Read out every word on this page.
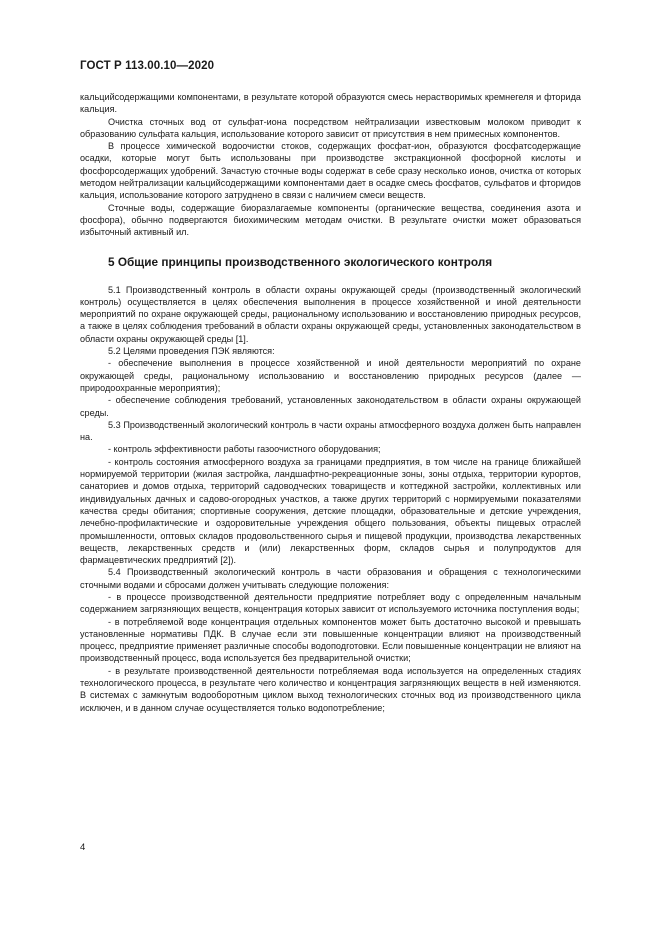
ГОСТ Р 113.00.10—2020

кальцийсодержащими компонентами, в результате которой образуются смесь нерастворимых кремнегеля и фторида кальция.

Очистка сточных вод от сульфат-иона посредством нейтрализации известковым молоком приводит к образованию сульфата кальция, использование которого зависит от присутствия в нем примесных компонентов.

В процессе химической водоочистки стоков, содержащих фосфат-ион, образуются фосфатсодержащие осадки, которые могут быть использованы при производстве экстракционной фосфорной кислоты и фосфорсодержащих удобрений. Зачастую сточные воды содержат в себе сразу несколько ионов, очистка от которых методом нейтрализации кальцийсодержащими компонентами дает в осадке смесь фосфатов, сульфатов и фторидов кальция, использование которого затруднено в связи с наличием смеси веществ.

Сточные воды, содержащие биоразлагаемые компоненты (органические вещества, соединения азота и фосфора), обычно подвергаются биохимическим методам очистки. В результате очистки может образоваться избыточный активный ил.

5 Общие принципы производственного экологического контроля

5.1 Производственный контроль в области охраны окружающей среды (производственный экологический контроль) осуществляется в целях обеспечения выполнения в процессе хозяйственной и иной деятельности мероприятий по охране окружающей среды, рациональному использованию и восстановлению природных ресурсов, а также в целях соблюдения требований в области охраны окружающей среды, установленных законодательством в области охраны окружающей среды [1].

5.2 Целями проведения ПЭК являются:

- обеспечение выполнения в процессе хозяйственной и иной деятельности мероприятий по охране окружающей среды, рациональному использованию и восстановлению природных ресурсов (далее — природоохранные мероприятия);

- обеспечение соблюдения требований, установленных законодательством в области охраны окружающей среды.

5.3 Производственный экологический контроль в части охраны атмосферного воздуха должен быть направлен на.

- контроль эффективности работы газоочистного оборудования;

- контроль состояния атмосферного воздуха за границами предприятия, в том числе на границе ближайшей нормируемой территории (жилая застройка, ландшафтно-рекреационные зоны, зоны отдыха, территории курортов, санаториев и домов отдыха, территорий садоводческих товариществ и коттеджной застройки, коллективных или индивидуальных дачных и садово-огородных участков, а также других территорий с нормируемыми показателями качества среды обитания; спортивные сооружения, детские площадки, образовательные и детские учреждения, лечебно-профилактические и оздоровительные учреждения общего пользования, объекты пищевых отраслей промышленности, оптовых складов продовольственного сырья и пищевой продукции, производства лекарственных веществ, лекарственных средств и (или) лекарственных форм, складов сырья и полупродуктов для фармацевтических предприятий [2]).

5.4 Производственный экологический контроль в части образования и обращения с технологическими сточными водами и сбросами должен учитывать следующие положения:

- в процессе производственной деятельности предприятие потребляет воду с определенным начальным содержанием загрязняющих веществ, концентрация которых зависит от используемого источника поступления воды;

- в потребляемой воде концентрация отдельных компонентов может быть достаточно высокой и превышать установленные нормативы ПДК. В случае если эти повышенные концентрации влияют на производственный процесс, предприятие применяет различные способы водоподготовки. Если повышенные концентрации не влияют на производственный процесс, вода используется без предварительной очистки;

- в результате производственной деятельности потребляемая вода используется на определенных стадиях технологического процесса, в результате чего количество и концентрация загрязняющих веществ в ней изменяются. В системах с замкнутым водооборотным циклом выход технологических сточных вод из производственного цикла исключен, и в данном случае осуществляется только водопотребление;

4
